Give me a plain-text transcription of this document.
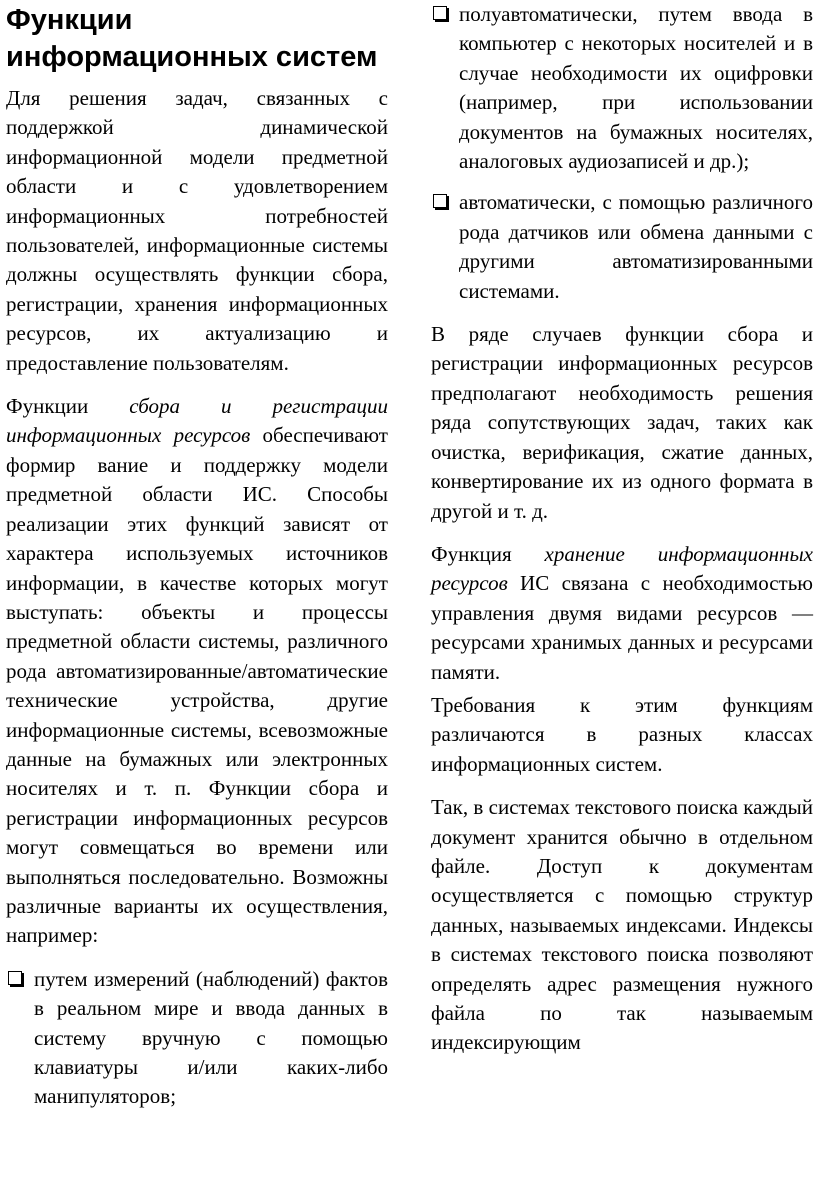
Функции информационных систем

Для решения задач, связанных с поддержкой динамической информационной модели предметной области и с удовлетворением информационных потребностей пользователей, информационные системы должны осуществлять функции сбора, регистрации, хранения информационных ресурсов, их актуализацию и предоставление пользователям.

Функции сбора и регистрации информационных ресурсов обеспечивают формир вание и поддержку модели предметной области ИС. Способы реализации этих функций зависят от характера используемых источников информации, в качестве которых могут выступать: объекты и процессы предметной области системы, различного рода автоматизированные/автоматические технические устройства, другие информационные системы, всевозможные данные на бумажных или электронных носителях и т. п. Функции сбора и регистрации информационных ресурсов могут совмещаться во времени или выполняться последовательно. Возможны различные варианты их осуществления, например:

путем измерений (наблюдений) фактов в реальном мире и ввода данных в систему вручную с помощью клавиатуры и/или каких-либо манипуляторов;
полуавтоматически, путем ввода в компьютер с некоторых носителей и в случае необходимости их оцифровки (например, при использовании документов на бумажных носителях, аналоговых аудиозаписей и др.);
автоматически, с помощью различного рода датчиков или обмена данными с другими автоматизированными системами.

В ряде случаев функции сбора и регистрации информационных ресурсов предполагают необходимость решения ряда сопутствующих задач, таких как очистка, верификация, сжатие данных, конвертирование их из одного формата в другой и т. д.

Функция хранение информационных ресурсов ИС связана с необходимостью управления двумя видами ресурсов — ресурсами хранимых данных и ресурсами памяти.

Требования к этим функциям различаются в разных классах информационных систем.

Так, в системах текстового поиска каждый документ хранится обычно в отдельном файле. Доступ к документам осуществляется с помощью структур данных, называемых индексами. Индексы в системах текстового поиска позволяют определять адрес размещения нужного файла по так называемым индексирующим
